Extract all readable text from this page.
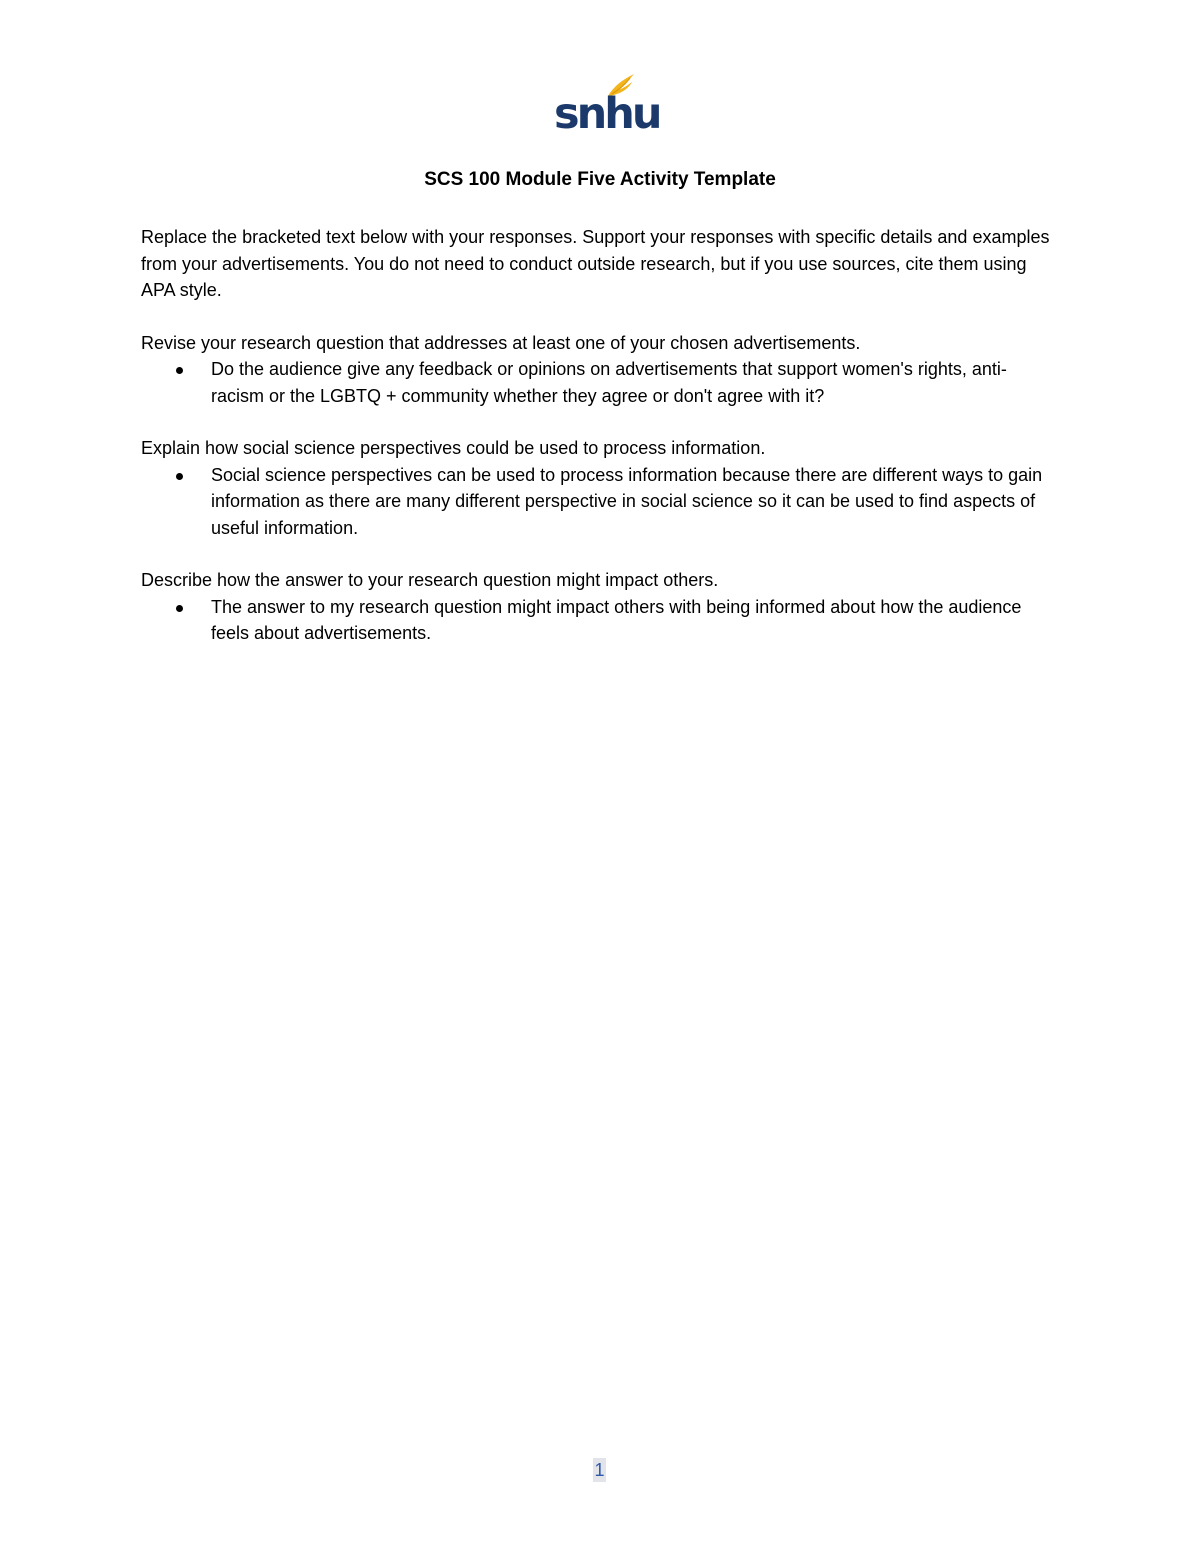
snhu
SCS 100 Module Five Activity Template

Replace the bracketed text below with your responses. Support your responses with specific details and examples from your advertisements. You do not need to conduct outside research, but if you use sources, cite them using APA style.

Revise your research question that addresses at least one of your chosen advertisements.

Do the audience give any feedback or opinions on advertisements that support women's rights, anti-racism or the LGBTQ + community whether they agree or don't agree with it?

Explain how social science perspectives could be used to process information.

Social science perspectives can be used to process information because there are different ways to gain information as there are many different perspective in social science so it can be used to find aspects of useful information.

Describe how the answer to your research question might impact others.

The answer to my research question might impact others with being informed about how the audience feels about advertisements.

1
